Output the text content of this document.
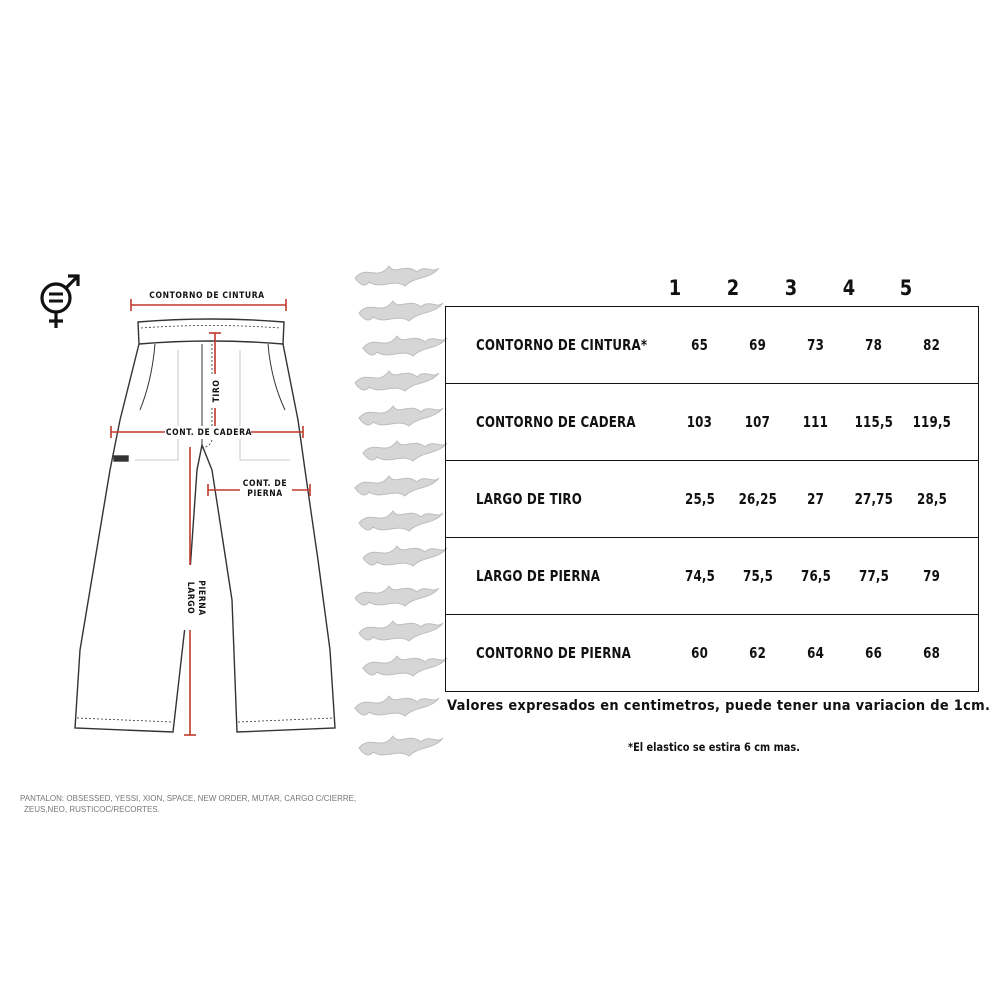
CONTORNO DE CINTURA
CONT. DE CADERA
TIRO
CONT. DE
PIERNA
LARGO PIERNA
1	2	3	4	5
CONTORNO DE CINTURA*	65	69	73	78	82	
CONTORNO DE CADERA	103	107	111	115,5	119,5	
LARGO DE TIRO	25,5	26,25	27	27,75	28,5	
LARGO DE PIERNA	74,5	75,5	76,5	77,5	79	
CONTORNO DE PIERNA	60	62	64	66	68	
Valores expresados en centimetros, puede tener una variacion de 1cm.
*El elastico se estira 6 cm mas.
PANTALON: OBSESSED, YESSI, XION, SPACE, NEW ORDER, MUTAR, CARGO C/CIERRE,
ZEUS,NEO, RUSTICOC/RECORTES.
